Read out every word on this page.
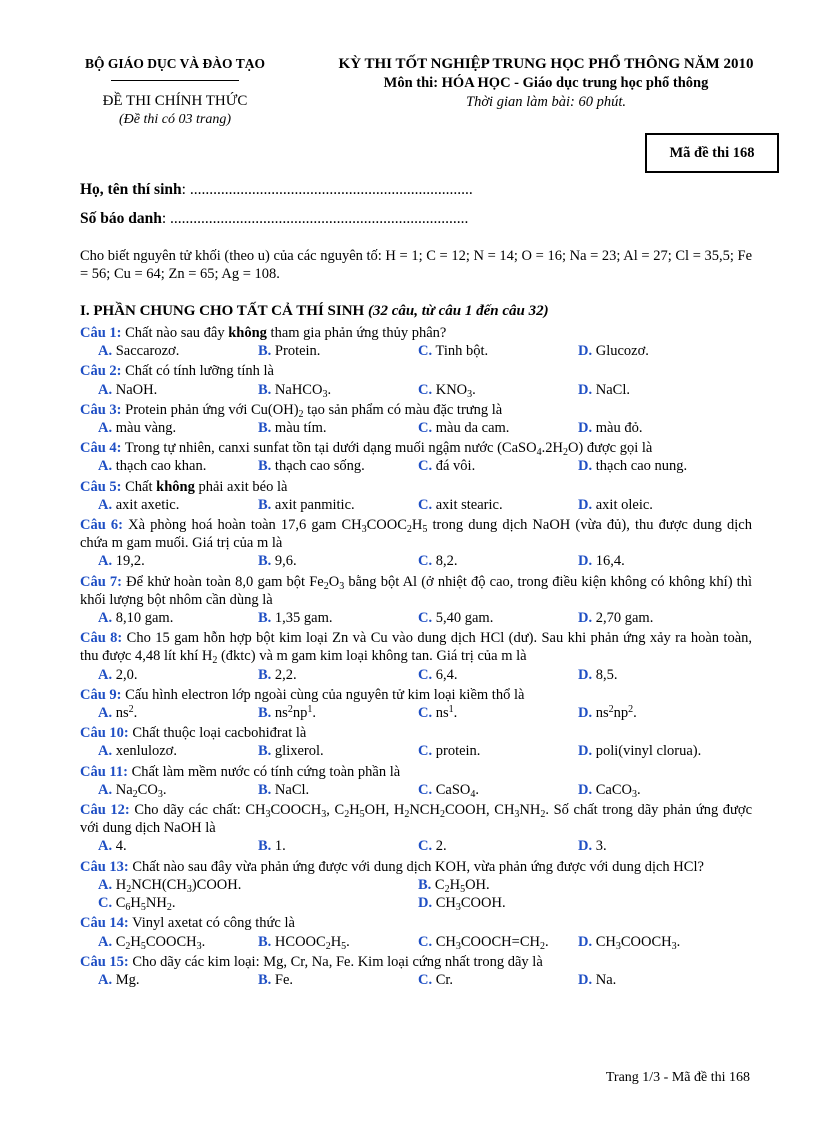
BỘ GIÁO DỤC VÀ ĐÀO TẠO
ĐỀ THI CHÍNH THỨC
(Đề thi có 03 trang)
KỲ THI TỐT NGHIỆP TRUNG HỌC PHỔ THÔNG NĂM 2010
Môn thi: HÓA HỌC - Giáo dục trung học phổ thông
Thời gian làm bài: 60 phút.
Mã đề thi 168
Họ, tên thí sinh: .........................................................................
Số báo danh: .............................................................................
Cho biết nguyên tử khối (theo u) của các nguyên tố: H = 1; C = 12; N = 14; O = 16; Na = 23; Al = 27; Cl = 35,5; Fe = 56; Cu = 64; Zn = 65; Ag = 108.
I. PHẦN CHUNG CHO TẤT CẢ THÍ SINH (32 câu, từ câu 1 đến câu 32)
Câu 1: Chất nào sau đây không tham gia phản ứng thủy phân?
A. Saccarozơ.	B. Protein.	C. Tinh bột.	D. Glucozơ.
Câu 2: Chất có tính lưỡng tính là
A. NaOH.	B. NaHCO$_3$.	C. $KNO_3$.	D. NaCl.
Câu 3: Protein phản ứng với $Cu(OH)_2$ tạo sản phẩm có màu đặc trưng là
A. màu vàng.	B. màu tím.	C. màu da cam.	D. màu đỏ.
Câu 4: Trong tự nhiên, canxi sunfat tồn tại dưới dạng muối ngậm nước $(CaSO_4.2H_2O)$ được gọi là
A. thạch cao khan.	B. thạch cao sống.	C. đá vôi.	D. thạch cao nung.
Câu 5: Chất không phải axit béo là
A. axit axetic.	B. axit panmitic.	C. axit stearic.	D. axit oleic.
Câu 6: Xà phòng hoá hoàn toàn 17,6 gam $CH_3COOC_2H_5$ trong dung dịch NaOH (vừa đủ), thu được dung dịch chứa m gam muối. Giá trị của m là
A. 19,2.	B. 9,6.	C. 8,2.	D. 16,4.
Câu 7: Để khử hoàn toàn 8,0 gam bột $Fe_2O_3$ bằng bột Al (ở nhiệt độ cao, trong điều kiện không có không khí) thì khối lượng bột nhôm cần dùng là
A. 8,10 gam.	B. 1,35 gam.	C. 5,40 gam.	D. 2,70 gam.
Câu 8: Cho 15 gam hỗn hợp bột kim loại Zn và Cu vào dung dịch HCl (dư). Sau khi phản ứng xảy ra hoàn toàn, thu được 4,48 lít khí $H_2$ (đktc) và m gam kim loại không tan. Giá trị của m là
A. 2,0.	B. 2,2.	C. 6,4.	D. 8,5.
Câu 9: Cấu hình electron lớp ngoài cùng của nguyên tử kim loại kiềm thổ là
A. $ns^2$.	B. $ns^2np^1$.	C. $ns^1$.	D. $ns^2np^2$.
Câu 10: Chất thuộc loại cacbohiđrat là
A. xenlulozơ.	B. glixerol.	C. protein.	D. poli(vinyl clorua).
Câu 11: Chất làm mềm nước có tính cứng toàn phần là
A. $Na_2CO_3$.	B. NaCl.	C. CaSO$_4$.	D. CaCO$_3$.
Câu 12: Cho dãy các chất: $CH_3COOCH_3$, $C_2H_5OH$, $H_2NCH_2COOH$, $CH_3NH_2$. Số chất trong dãy phản ứng được với dung dịch NaOH là
A. 4.	B. 1.	C. 2.	D. 3.
Câu 13: Chất nào sau đây vừa phản ứng được với dung dịch KOH, vừa phản ứng được với dung dịch HCl?
A. $H_2NCH(CH_3)COOH$.	B. $C_2H_5OH$.
C. $C_6H_5NH_2$.	D. $CH_3COOH$.
Câu 14: Vinyl axetat có công thức là
A. $C_2H_5COOCH_3$.	B. $HCOOC_2H_5$.	C. $CH_3COOCH=CH_2$.	D. $CH_3COOCH_3$.
Câu 15: Cho dãy các kim loại: Mg, Cr, Na, Fe. Kim loại cứng nhất trong dãy là
A. Mg.	B. Fe.	C. Cr.	D. Na.
Trang 1/3 - Mã đề thi 168
